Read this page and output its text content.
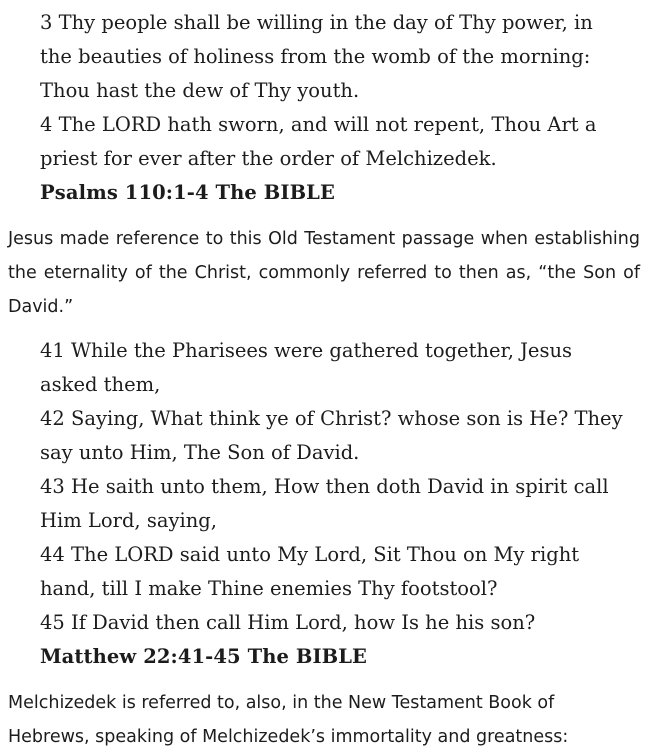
3 Thy people shall be willing in the day of Thy power, in

the beauties of holiness from the womb of the morning:

Thou hast the dew of Thy youth.

4 The LORD hath sworn, and will not repent, Thou Art a

priest for ever after the order of Melchizedek.

Psalms 110:1-4 The BIBLE

Jesus made reference to this Old Testament passage when establishing the eternality of the Christ, commonly referred to then as, “the Son of David.”

41 While the Pharisees were gathered together, Jesus

asked them,

42 Saying, What think ye of Christ? whose son is He? They

say unto Him, The Son of David.

43 He saith unto them, How then doth David in spirit call

Him Lord, saying,

44 The LORD said unto My Lord, Sit Thou on My right

hand, till I make Thine enemies Thy footstool?

45 If David then call Him Lord, how Is he his son?

Matthew 22:41-45 The BIBLE

Melchizedek is referred to, also, in the New Testament Book of Hebrews, speaking of Melchizedek’s immortality and greatness:
